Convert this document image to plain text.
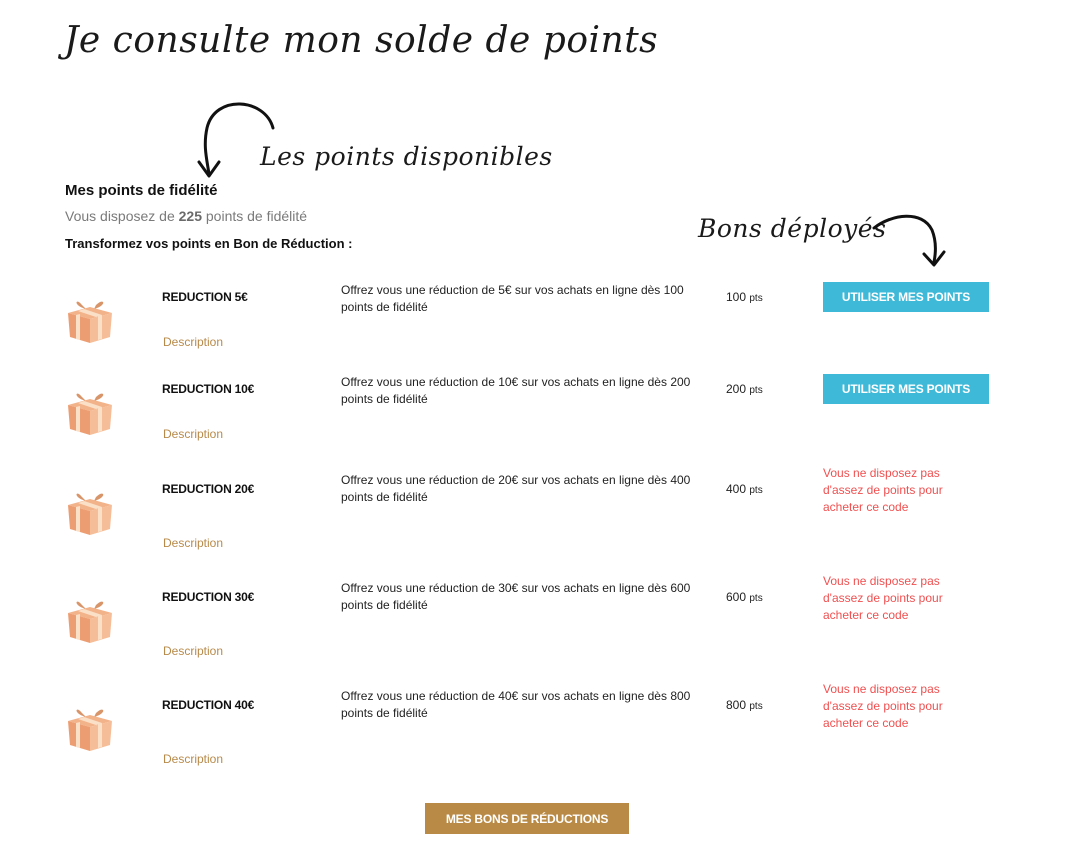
Je consulte mon solde de points
Les points disponibles
Bons déployés
Mes points de fidélité
Vous disposez de 225 points de fidélité
Transformez vos points en Bon de Réduction :
REDUCTION 5€	Offrez vous une réduction de 5€ sur vos achats en ligne dès 100 points de fidélité
100 pts
Description
UTILISER MES POINTS
REDUCTION 10€	Offrez vous une réduction de 10€ sur vos achats en ligne dès 200 points de fidélité
200 pts
Description
UTILISER MES POINTS
REDUCTION 20€
Offrez vous une réduction de 20€ sur vos achats en ligne dès 400 points de fidélité
400 pts
Description
Vous ne disposez pas d'assez de points pour acheter ce code
REDUCTION 30€
Offrez vous une réduction de 30€ sur vos achats en ligne dès 600 points de fidélité
600 pts
Description
Vous ne disposez pas d'assez de points pour acheter ce code
REDUCTION 40€
Offrez vous une réduction de 40€ sur vos achats en ligne dès 800 points de fidélité
800 pts
Description
Vous ne disposez pas d'assez de points pour acheter ce code
MES BONS DE RÉDUCTIONS
